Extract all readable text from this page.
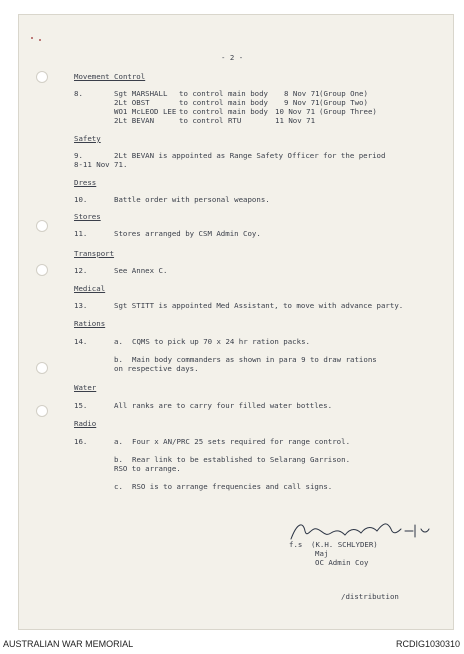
- 2 -
Movement Control
8.	Sgt MARSHALL to control main body 8 Nov 71 (Group One)
2Lt OBST	to control main body 9 Nov 71 (Group Two)
WO1 McLEOD LEE to control main body 10 Nov 71 (Group Three)
2Lt BEVAN	to control RTU	11 Nov 71
Safety
9.	2Lt BEVAN is appointed as Range Safety Officer for the period
8-11 Nov 71.
Dress
10.	Battle order with personal weapons.
Stores
11.	Stores arranged by CSM Admin Coy.
Transport
12.	See Annex C.
Medical
13.	Sgt STITT is appointed Med Assistant, to move with advance party.
Rations
14.	a. CQMS to pick up 70 x 24 hr ration packs.
b. Main body commanders as shown in para 9 to draw rations
on respective days.
Water
15.	All ranks are to carry four filled water bottles.
Radio
16.	a. Four x AN/PRC 25 sets required for range control.
b. Rear link to be established to Selarang Garrison.
RSO to arrange.
c. RSO is to arrange frequencies and call signs.
f.s (K.H. SCHLYDER)
Maj
OC Admin Coy
/distribution
AUSTRALIAN WAR MEMORIAL	RCDIG1030310
